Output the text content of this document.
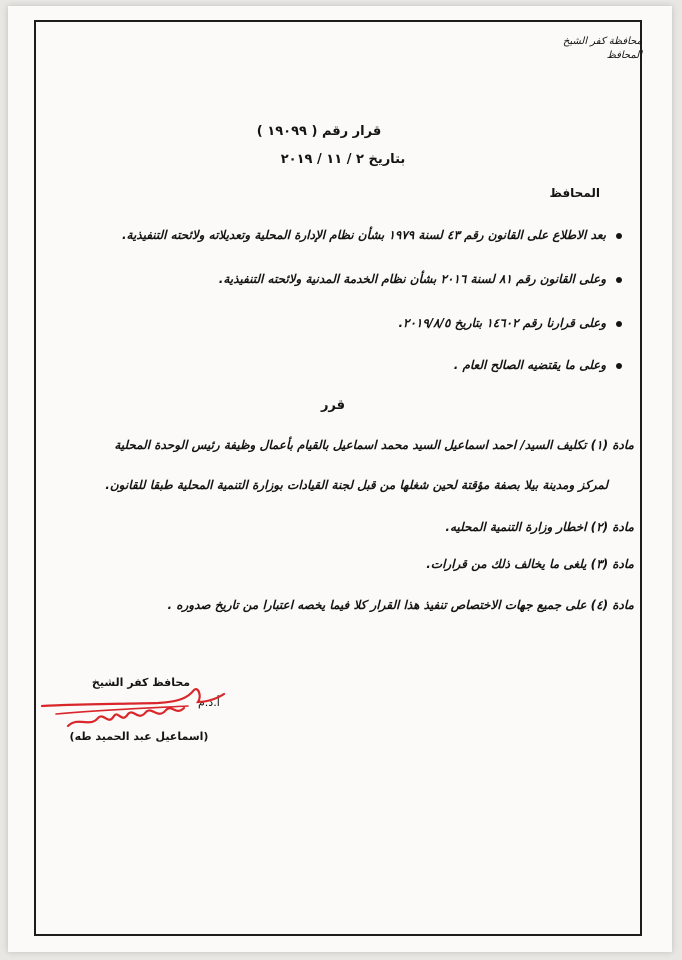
محافظة كفر الشيخ
المحافظ
قرار رقم ( ١٩٠٩٩ )
بتاريخ ٢ / ١١ / ٢٠١٩
المحافظ
بعد الاطلاع على القانون رقم ٤٣ لسنة ١٩٧٩ بشأن نظام الإدارة المحلية وتعديلاته ولائحته التنفيذية.
وعلى القانون رقم ٨١ لسنة ٢٠١٦ بشأن نظام الخدمة المدنية ولائحته التنفيذية.
وعلى قرارنا رقم ١٤٦٠٢ بتاريخ ٢٠١٩/٨/٥.
وعلى ما يقتضيه الصالح العام .
قرر
مادة (١) تكليف السيد/ احمد اسماعيل السيد محمد اسماعيل بالقيام بأعمال وظيفة رئيس الوحدة المحلية
لمركز ومدينة بيلا بصفة مؤقتة لحين شغلها من قبل لجنة القيادات بوزارة التنمية المحلية طبقا للقانون.
مادة (٢) اخطار وزارة التنمية المحليه.
مادة (٣) يلغى ما يخالف ذلك من قرارات.
مادة (٤) على جميع جهات الاختصاص تنفيذ هذا القرار كلا فيما يخصه اعتبارا من تاريخ صدوره .
محافظ كفر الشيخ
أ.د.م
(اسماعيل عبد الحميد طه)
